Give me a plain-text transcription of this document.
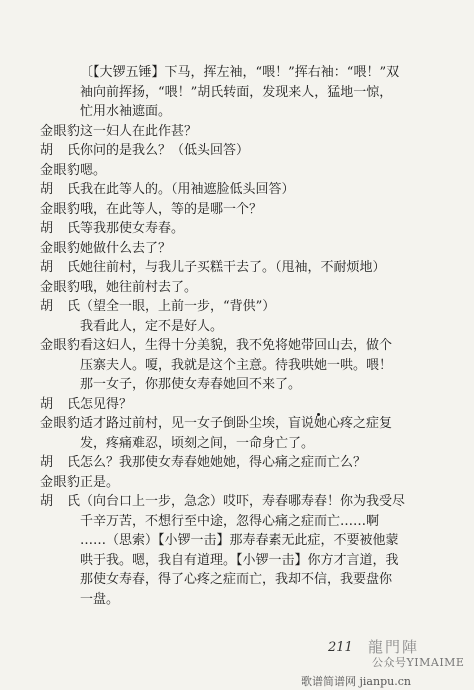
〔【大锣五锤】下马，挥左袖，“喂！”挥右袖：“喂！”双
袖向前挥扬，“喂！”胡氏转面，发现来人，猛地一惊，
忙用水袖遮面。
金眼豹 这一妇人在此作甚？
胡　氏 你问的是我么？（低头回答）
金眼豹 嗯。
胡　氏 我在此等人的。（用袖遮脸低头回答）
金眼豹 哦，在此等人，等的是哪一个？
胡　氏 等我那使女寿春。
金眼豹 她做什么去了？
胡　氏 她往前村，与我儿子买糕干去了。（甩袖，不耐烦地）
金眼豹 哦，她往前村去了。
胡　氏 （望全一眼，上前一步，“背供”）
我看此人，定不是好人。
金眼豹 看这妇人，生得十分美貌，我不免将她带回山去，做个
压寨夫人。嗄，我就是这个主意。待我哄她一哄。喂！
那一女子，你那使女寿春她回不来了。
胡　氏 怎见得？
金眼豹 适才路过前村，见一女子倒卧尘埃，盲说她心疼之症复
发，疼痛难忍，顷刻之间，一命身亡了。
胡　氏 怎么？我那使女寿春她她她，得心痛之症而亡么？
金眼豹 正是。
胡　氏 （向台口上一步，急念）哎吓，寿春哪寿春！你为我受尽
千辛万苦，不想行至中途，忽得心痛之症而亡……啊
……（思索）【小锣一击】那寿春素无此症，不要被他蒙
哄于我。嗯，我自有道理。【小锣一击】你方才言道，我
那使女寿春，得了心疼之症而亡，我却不信，我要盘你
一盘。
211 龍門陣
公众号YIMAIME
歌谱简谱网 jianpu.cn
